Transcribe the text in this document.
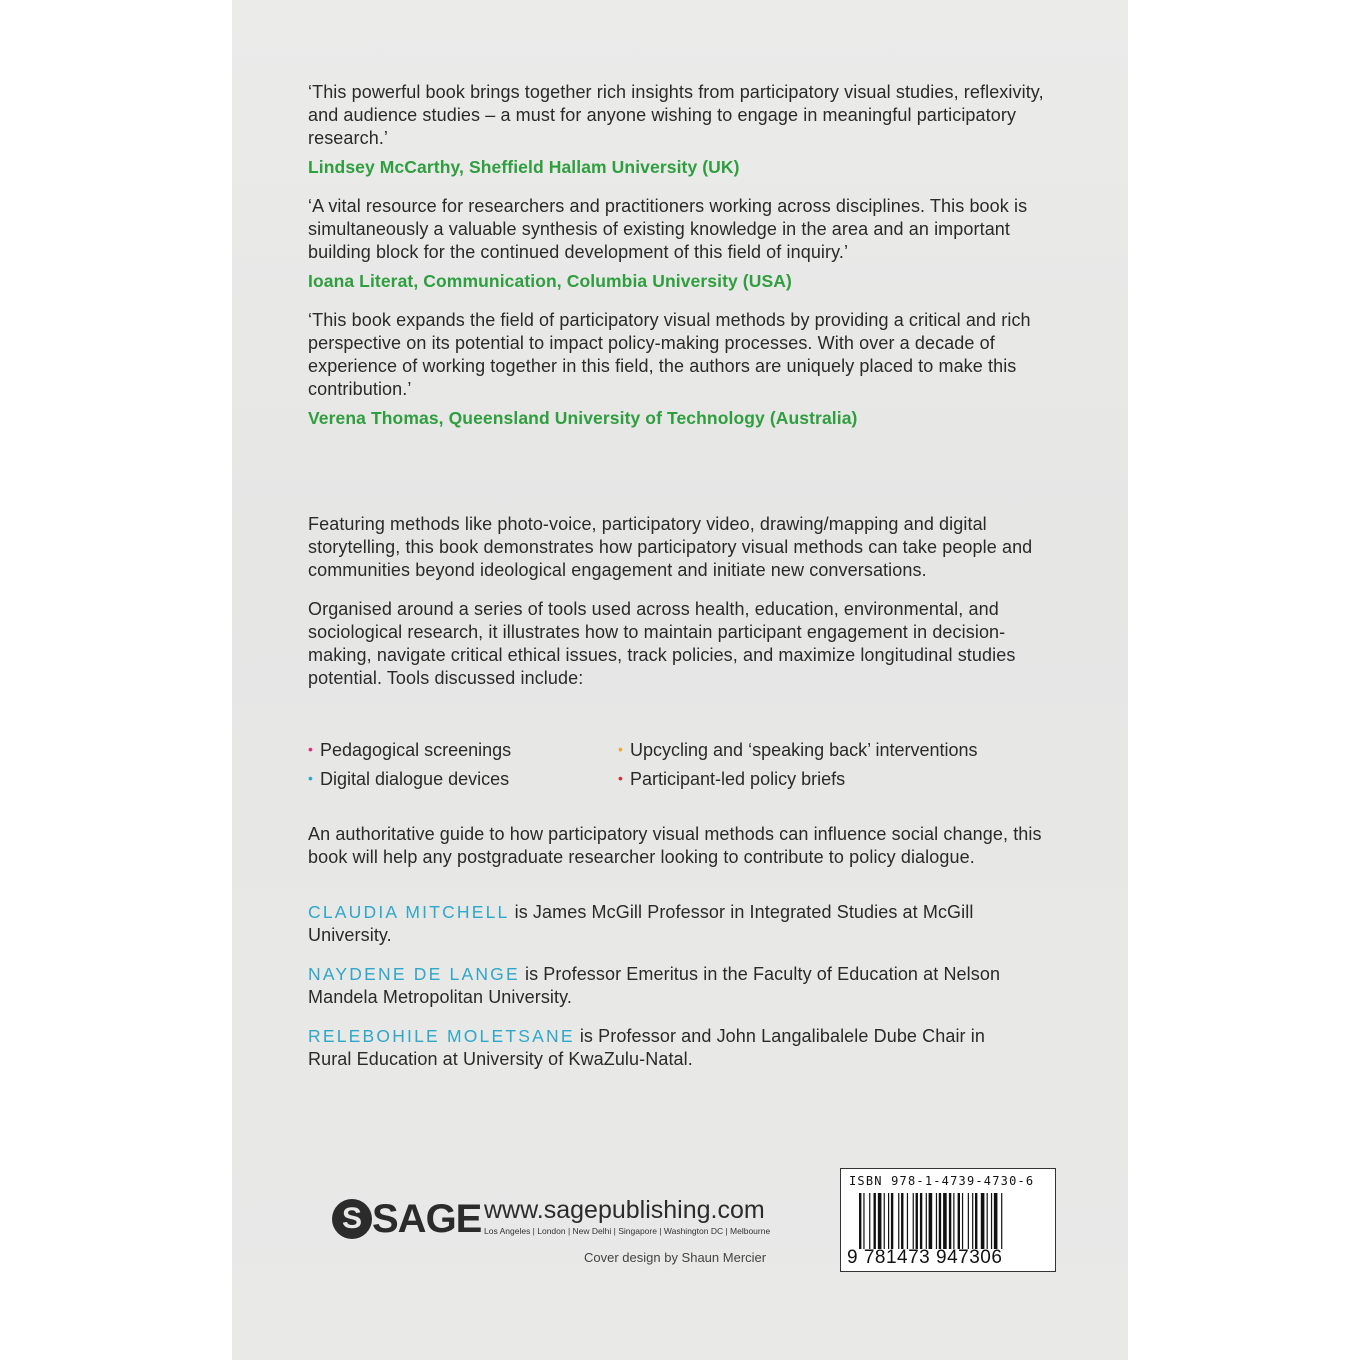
‘This powerful book brings together rich insights from participatory visual studies, reflexivity, and audience studies – a must for anyone wishing to engage in meaningful participatory research.’
Lindsey McCarthy, Sheffield Hallam University (UK)
‘A vital resource for researchers and practitioners working across disciplines. This book is simultaneously a valuable synthesis of existing knowledge in the area and an important building block for the continued development of this field of inquiry.’
Ioana Literat, Communication, Columbia University (USA)
‘This book expands the field of participatory visual methods by providing a critical and rich perspective on its potential to impact policy-making processes. With over a decade of experience of working together in this field, the authors are uniquely placed to make this contribution.’
Verena Thomas, Queensland University of Technology (Australia)
Featuring methods like photo-voice, participatory video, drawing/mapping and digital storytelling, this book demonstrates how participatory visual methods can take people and communities beyond ideological engagement and initiate new conversations.
Organised around a series of tools used across health, education, environmental, and sociological research, it illustrates how to maintain participant engagement in decision-making, navigate critical ethical issues, track policies, and maximize longitudinal studies potential. Tools discussed include:
• Pedagogical screenings	• Upcycling and ‘speaking back’ interventions
• Digital dialogue devices	• Participant-led policy briefs
An authoritative guide to how participatory visual methods can influence social change, this book will help any postgraduate researcher looking to contribute to policy dialogue.
CLAUDIA MITCHELL is James McGill Professor in Integrated Studies at McGill University.
NAYDENE DE LANGE is Professor Emeritus in the Faculty of Education at Nelson Mandela Metropolitan University.
RELEBOHILE MOLETSANE is Professor and John Langalibalele Dube Chair in Rural Education at University of KwaZulu-Natal.
S SAGE www.sagepublishing.com
Los Angeles | London | New Delhi | Singapore | Washington DC | Melbourne
Cover design by Shaun Mercier
ISBN 978-1-4739-4730-6
9 781473 947306
